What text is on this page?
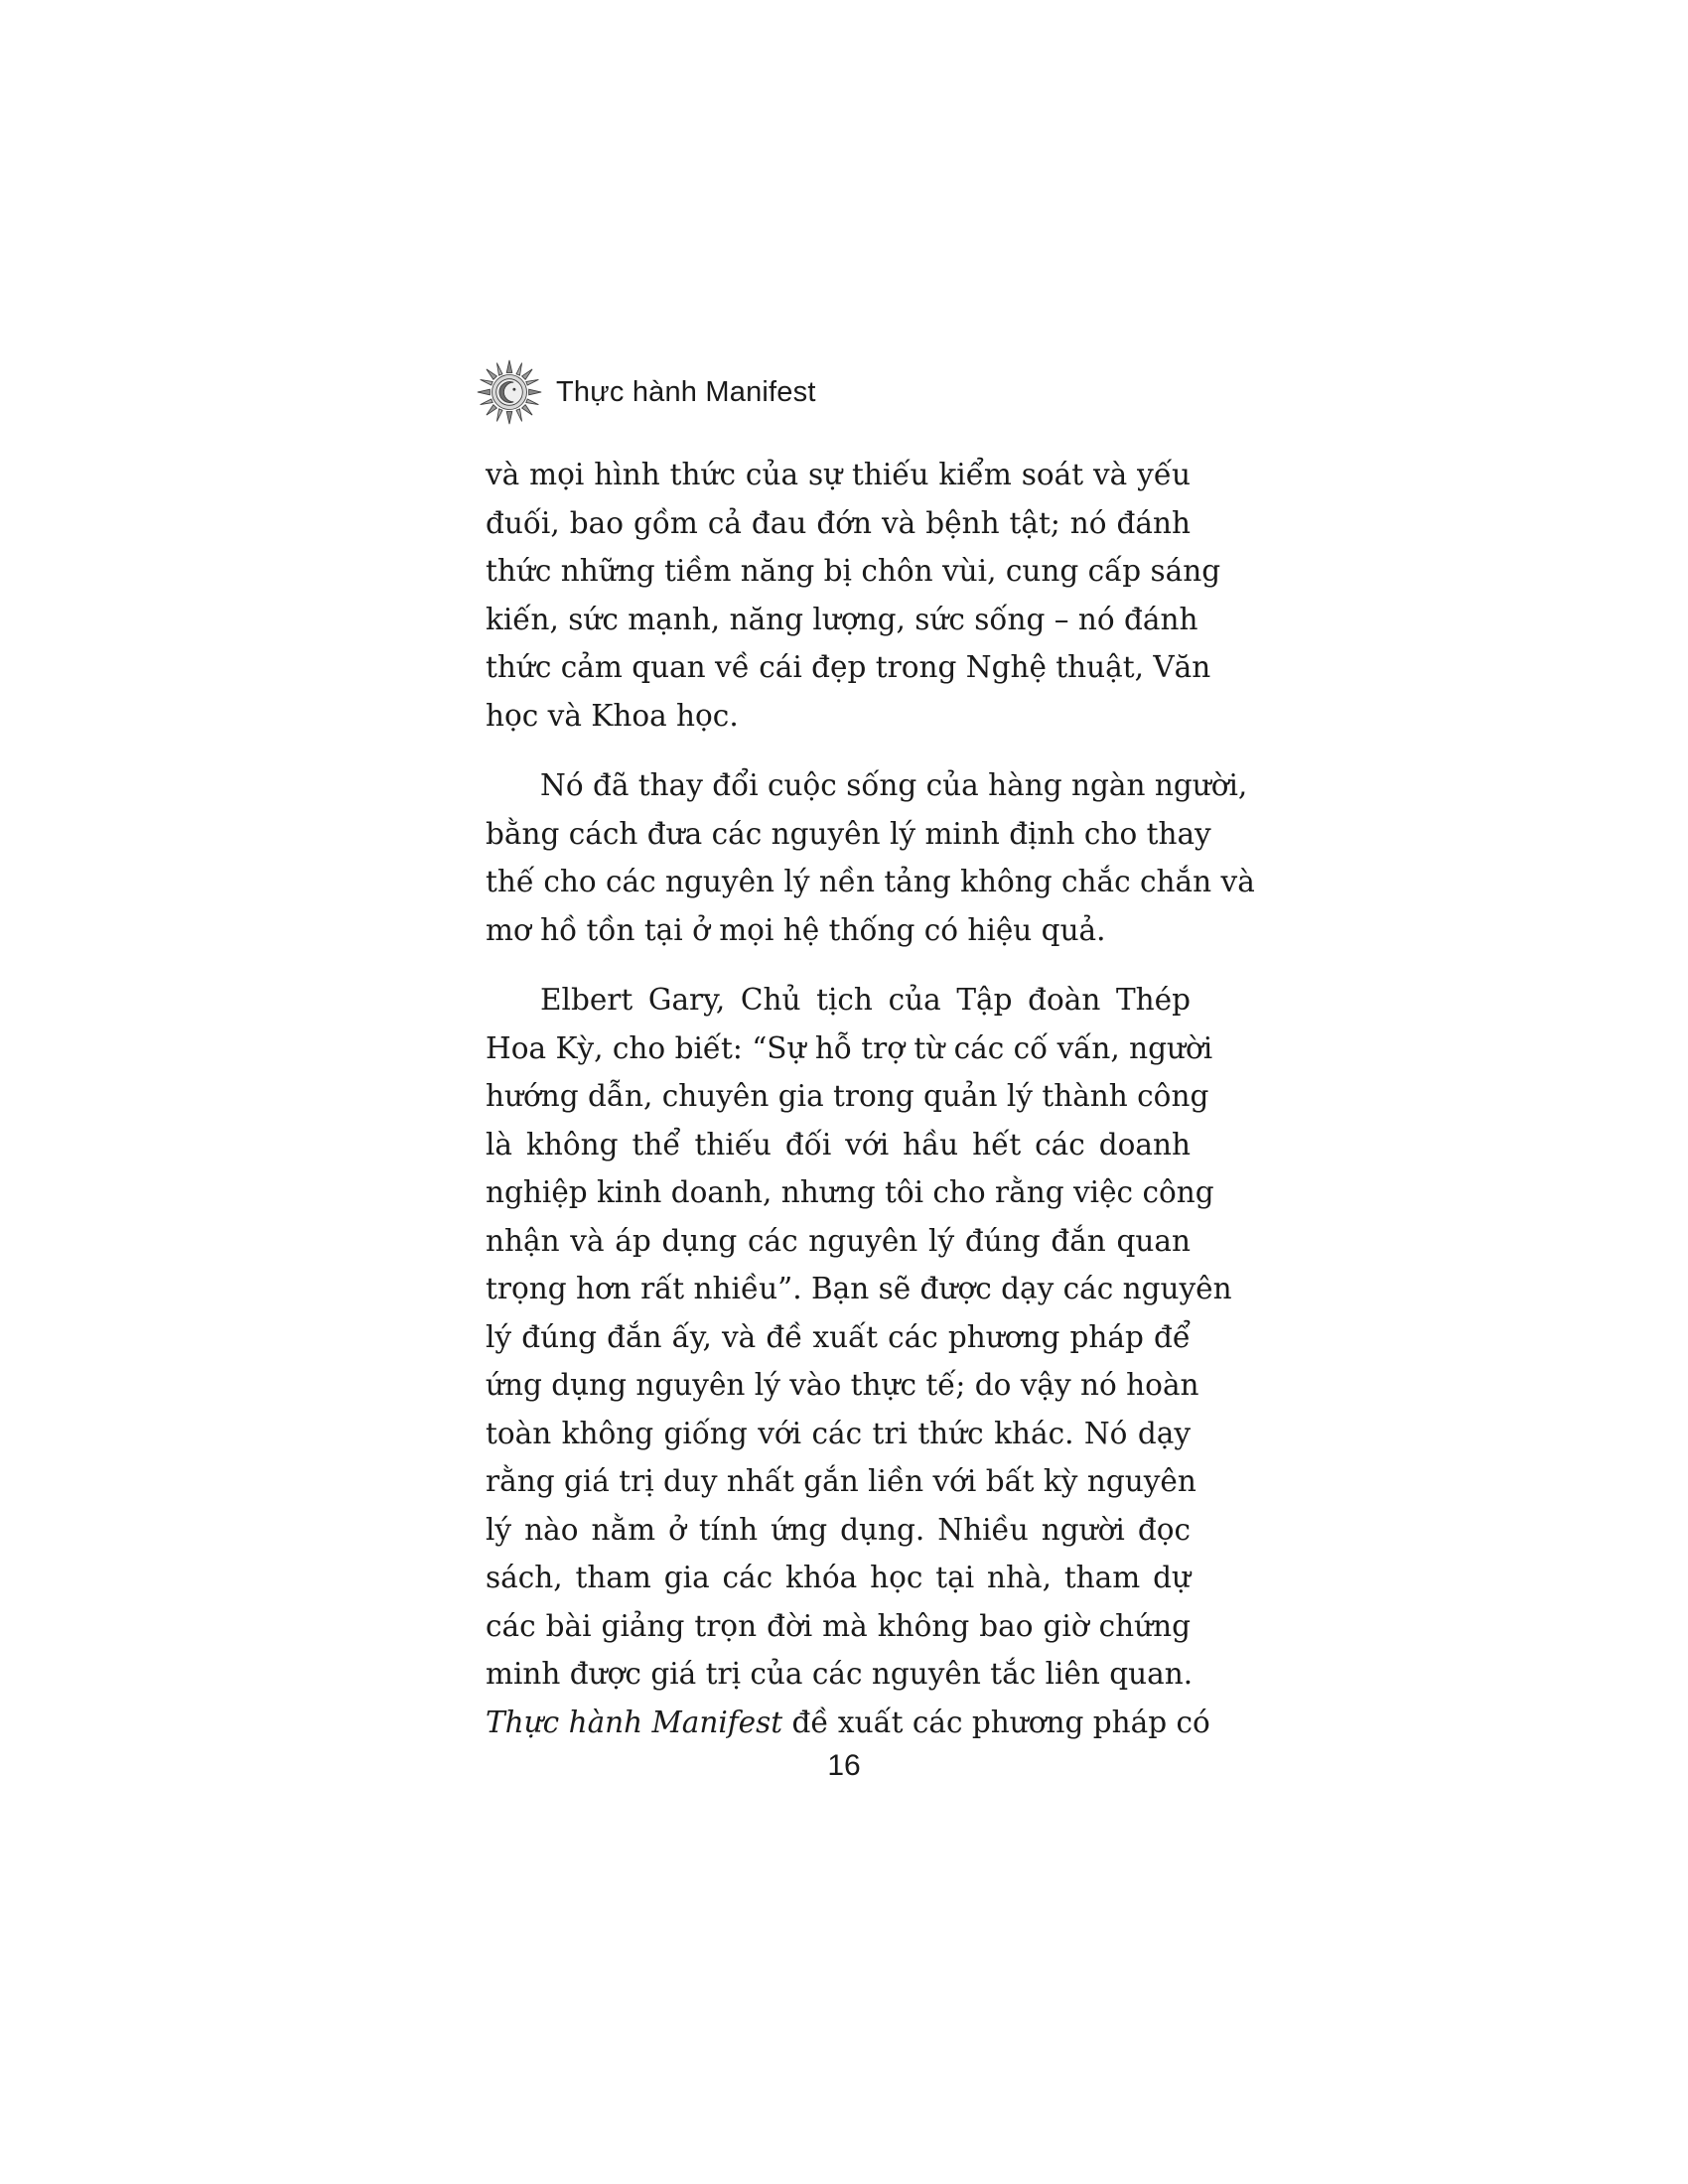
Thực hành Manifest
và mọi hình thức của sự thiếu kiểm soát và yếu
đuối, bao gồm cả đau đớn và bệnh tật; nó đánh
thức những tiềm năng bị chôn vùi, cung cấp sáng
kiến, sức mạnh, năng lượng, sức sống – nó đánh
thức cảm quan về cái đẹp trong Nghệ thuật, Văn
học và Khoa học.
Nó đã thay đổi cuộc sống của hàng ngàn người,
bằng cách đưa các nguyên lý minh định cho thay
thế cho các nguyên lý nền tảng không chắc chắn và
mơ hồ tồn tại ở mọi hệ thống có hiệu quả.
Elbert Gary, Chủ tịch của Tập đoàn Thép
Hoa Kỳ, cho biết: “Sự hỗ trợ từ các cố vấn, người
hướng dẫn, chuyên gia trong quản lý thành công
là không thể thiếu đối với hầu hết các doanh
nghiệp kinh doanh, nhưng tôi cho rằng việc công
nhận và áp dụng các nguyên lý đúng đắn quan
trọng hơn rất nhiều”. Bạn sẽ được dạy các nguyên
lý đúng đắn ấy, và đề xuất các phương pháp để
ứng dụng nguyên lý vào thực tế; do vậy nó hoàn
toàn không giống với các tri thức khác. Nó dạy
rằng giá trị duy nhất gắn liền với bất kỳ nguyên
lý nào nằm ở tính ứng dụng. Nhiều người đọc
sách, tham gia các khóa học tại nhà, tham dự
các bài giảng trọn đời mà không bao giờ chứng
minh được giá trị của các nguyên tắc liên quan.
Thực hành Manifest đề xuất các phương pháp có
16
